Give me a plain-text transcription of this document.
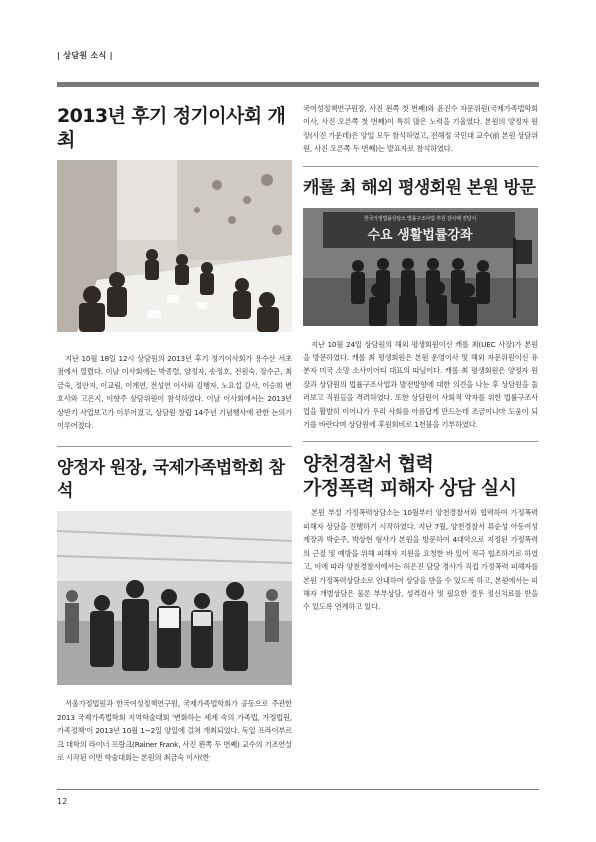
| 상담원 소식 |
2013년 후기 정기이사회 개최

지난 10월 18일 12시 상담원의 2013년 후기 정기이사회가 용수산 서초점에서 열렸다. 이날 이사회에는 박종렬, 양정자, 송정호, 전원숙, 장수근, 최금숙, 정안지, 이교림, 이계연, 전성연 이사와 김행자, 노요섭 감사, 이승희 변호사와 고은지, 이향주 상담위원이 참석하였다. 이날 이사회에서는 2013년 상반기 사업보고가 이루어졌고, 상담원 창립 14주년 기념행사에 관한 논의가 이루어졌다.

양정자 원장, 국제가족법학회 참석

서울가정법원과 한국여성정책연구원, 국제가족법학회가 공동으로 주관한 2013 국제가족법학회 지역학술대회 '변화하는 세계 속의 가족법, 가정법원, 가족정책'이 2013년 10월 1~2일 양일에 걸쳐 개최되었다. 독일 프라이부르크 대학의 라이너 프랑크(Rainer Frank, 사진 왼쪽 두 번째) 교수의 기조연설로 시작된 이번 학술대회는 본원의 최금숙 이사(한

국여성정책연구원장, 사진 왼쪽 첫 번째)와 윤진수 자문위원(국제가족법학회 이사, 사진 오른쪽 첫 번째)이 특히 많은 노력을 기울였다. 본원의 양정자 원장(사진 가운데)은 양일 모두 참석하였고, 전해정 국민대 교수(前 본원 상담위원, 사진 오른쪽 두 번째)는 발표자로 참석하였다.

캐롤 최 해외 평생회원 본원 방문
한국가정법률상담소 법률구조사업 후원 감사패 전달식
수요 생활법률강좌

지난 10월 24일 상담원의 해외 평생회원이신 캐롤 최(UEC 사장)가 본원을 방문하였다. 캐롤 최 평생회원은 본원 운영이사 및 해외 자문위원이신 유분자 미국 소망 소사이어티 대표의 따님이다. 캐롤 최 평생회원은 양정자 원장과 상담원의 법률구조사업과 발전방향에 대한 의견을 나눈 후 상담원을 둘러보고 직원들을 격려하였다. 또한 상담원이 사회적 약자를 위한 법률구조사업을 활발히 이어나가 우리 사회를 아름답게 만드는데 조금이나마 도움이 되기를 바란다며 상담원에 후원회비로 1천불을 기부하였다.

양천경찰서 협력
가정폭력 피해자 상담 실시

본원 부설 가정폭력상담소는 10월부터 양천경찰서와 협력하여 가정폭력 피해자 상담을 진행하기 시작하였다. 지난 7월, 양천경찰서 류순성 아동여성계장과 박순주, 박상현 형사가 본원을 방문하여 4대악으로 지정된 가정폭력의 근절 및 예방을 위해 피해자 지원을 요청한 바 있어 적극 협조하기로 하였고, 이에 따라 양천경찰서에서는 허은진 담당 경사가 직접 가정폭력 피해자를 본원 가정폭력상담소로 안내하여 상담을 받을 수 있도록 하고, 본원에서는 피해자 개별상담은 물론 부부상담, 성격검사 및 필요한 경우 정신치료를 받을 수 있도록 연계하고 있다.

12
